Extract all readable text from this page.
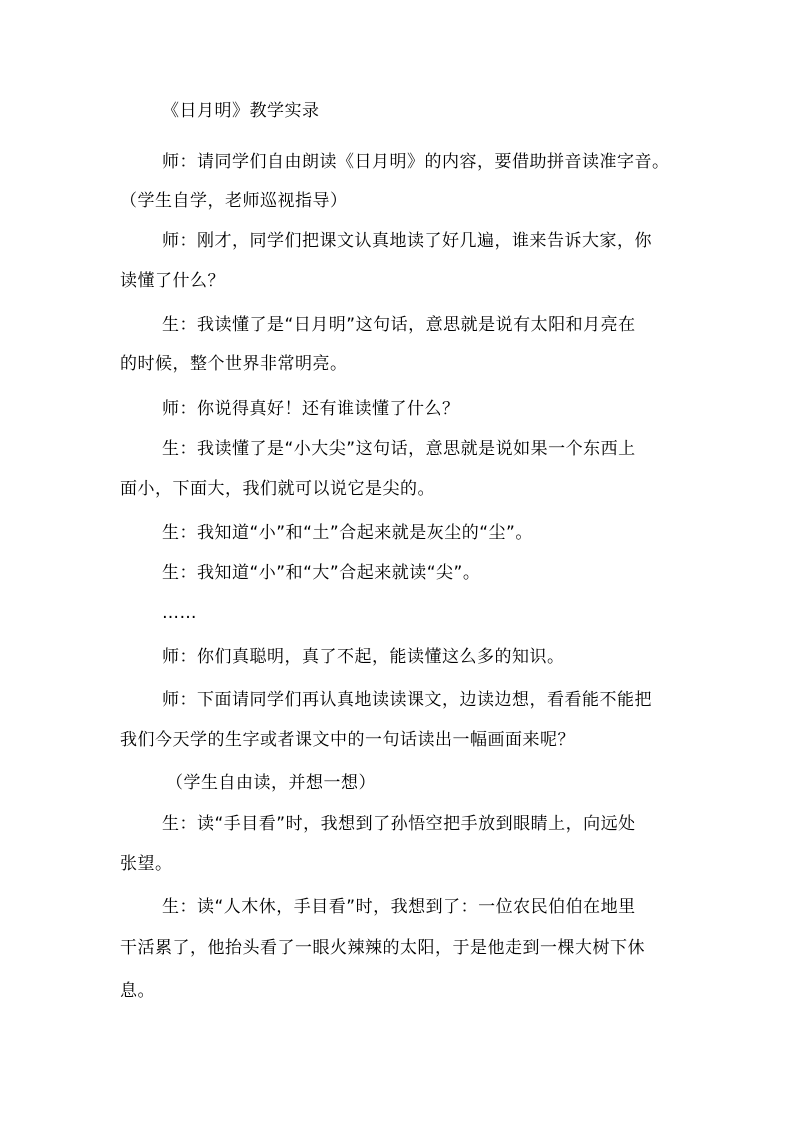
《日月明》教学实录

师：请同学们自由朗读《日月明》的内容，要借助拼音读准字音。

（学生自学，老师巡视指导）

师：刚才，同学们把课文认真地读了好几遍，谁来告诉大家，你

读懂了什么？

生：我读懂了是“日月明”这句话，意思就是说有太阳和月亮在

的时候，整个世界非常明亮。

师：你说得真好！还有谁读懂了什么？

生：我读懂了是“小大尖”这句话，意思就是说如果一个东西上

面小，下面大，我们就可以说它是尖的。

生：我知道“小”和“土”合起来就是灰尘的“尘”。

生：我知道“小”和“大”合起来就读“尖”。

……

师：你们真聪明，真了不起，能读懂这么多的知识。

师：下面请同学们再认真地读读课文，边读边想，看看能不能把

我们今天学的生字或者课文中的一句话读出一幅画面来呢？

（学生自由读，并想一想）

生：读“手目看”时，我想到了孙悟空把手放到眼睛上，向远处

张望。

生：读“人木休，手目看”时，我想到了：一位农民伯伯在地里

干活累了，他抬头看了一眼火辣辣的太阳，于是他走到一棵大树下休

息。
